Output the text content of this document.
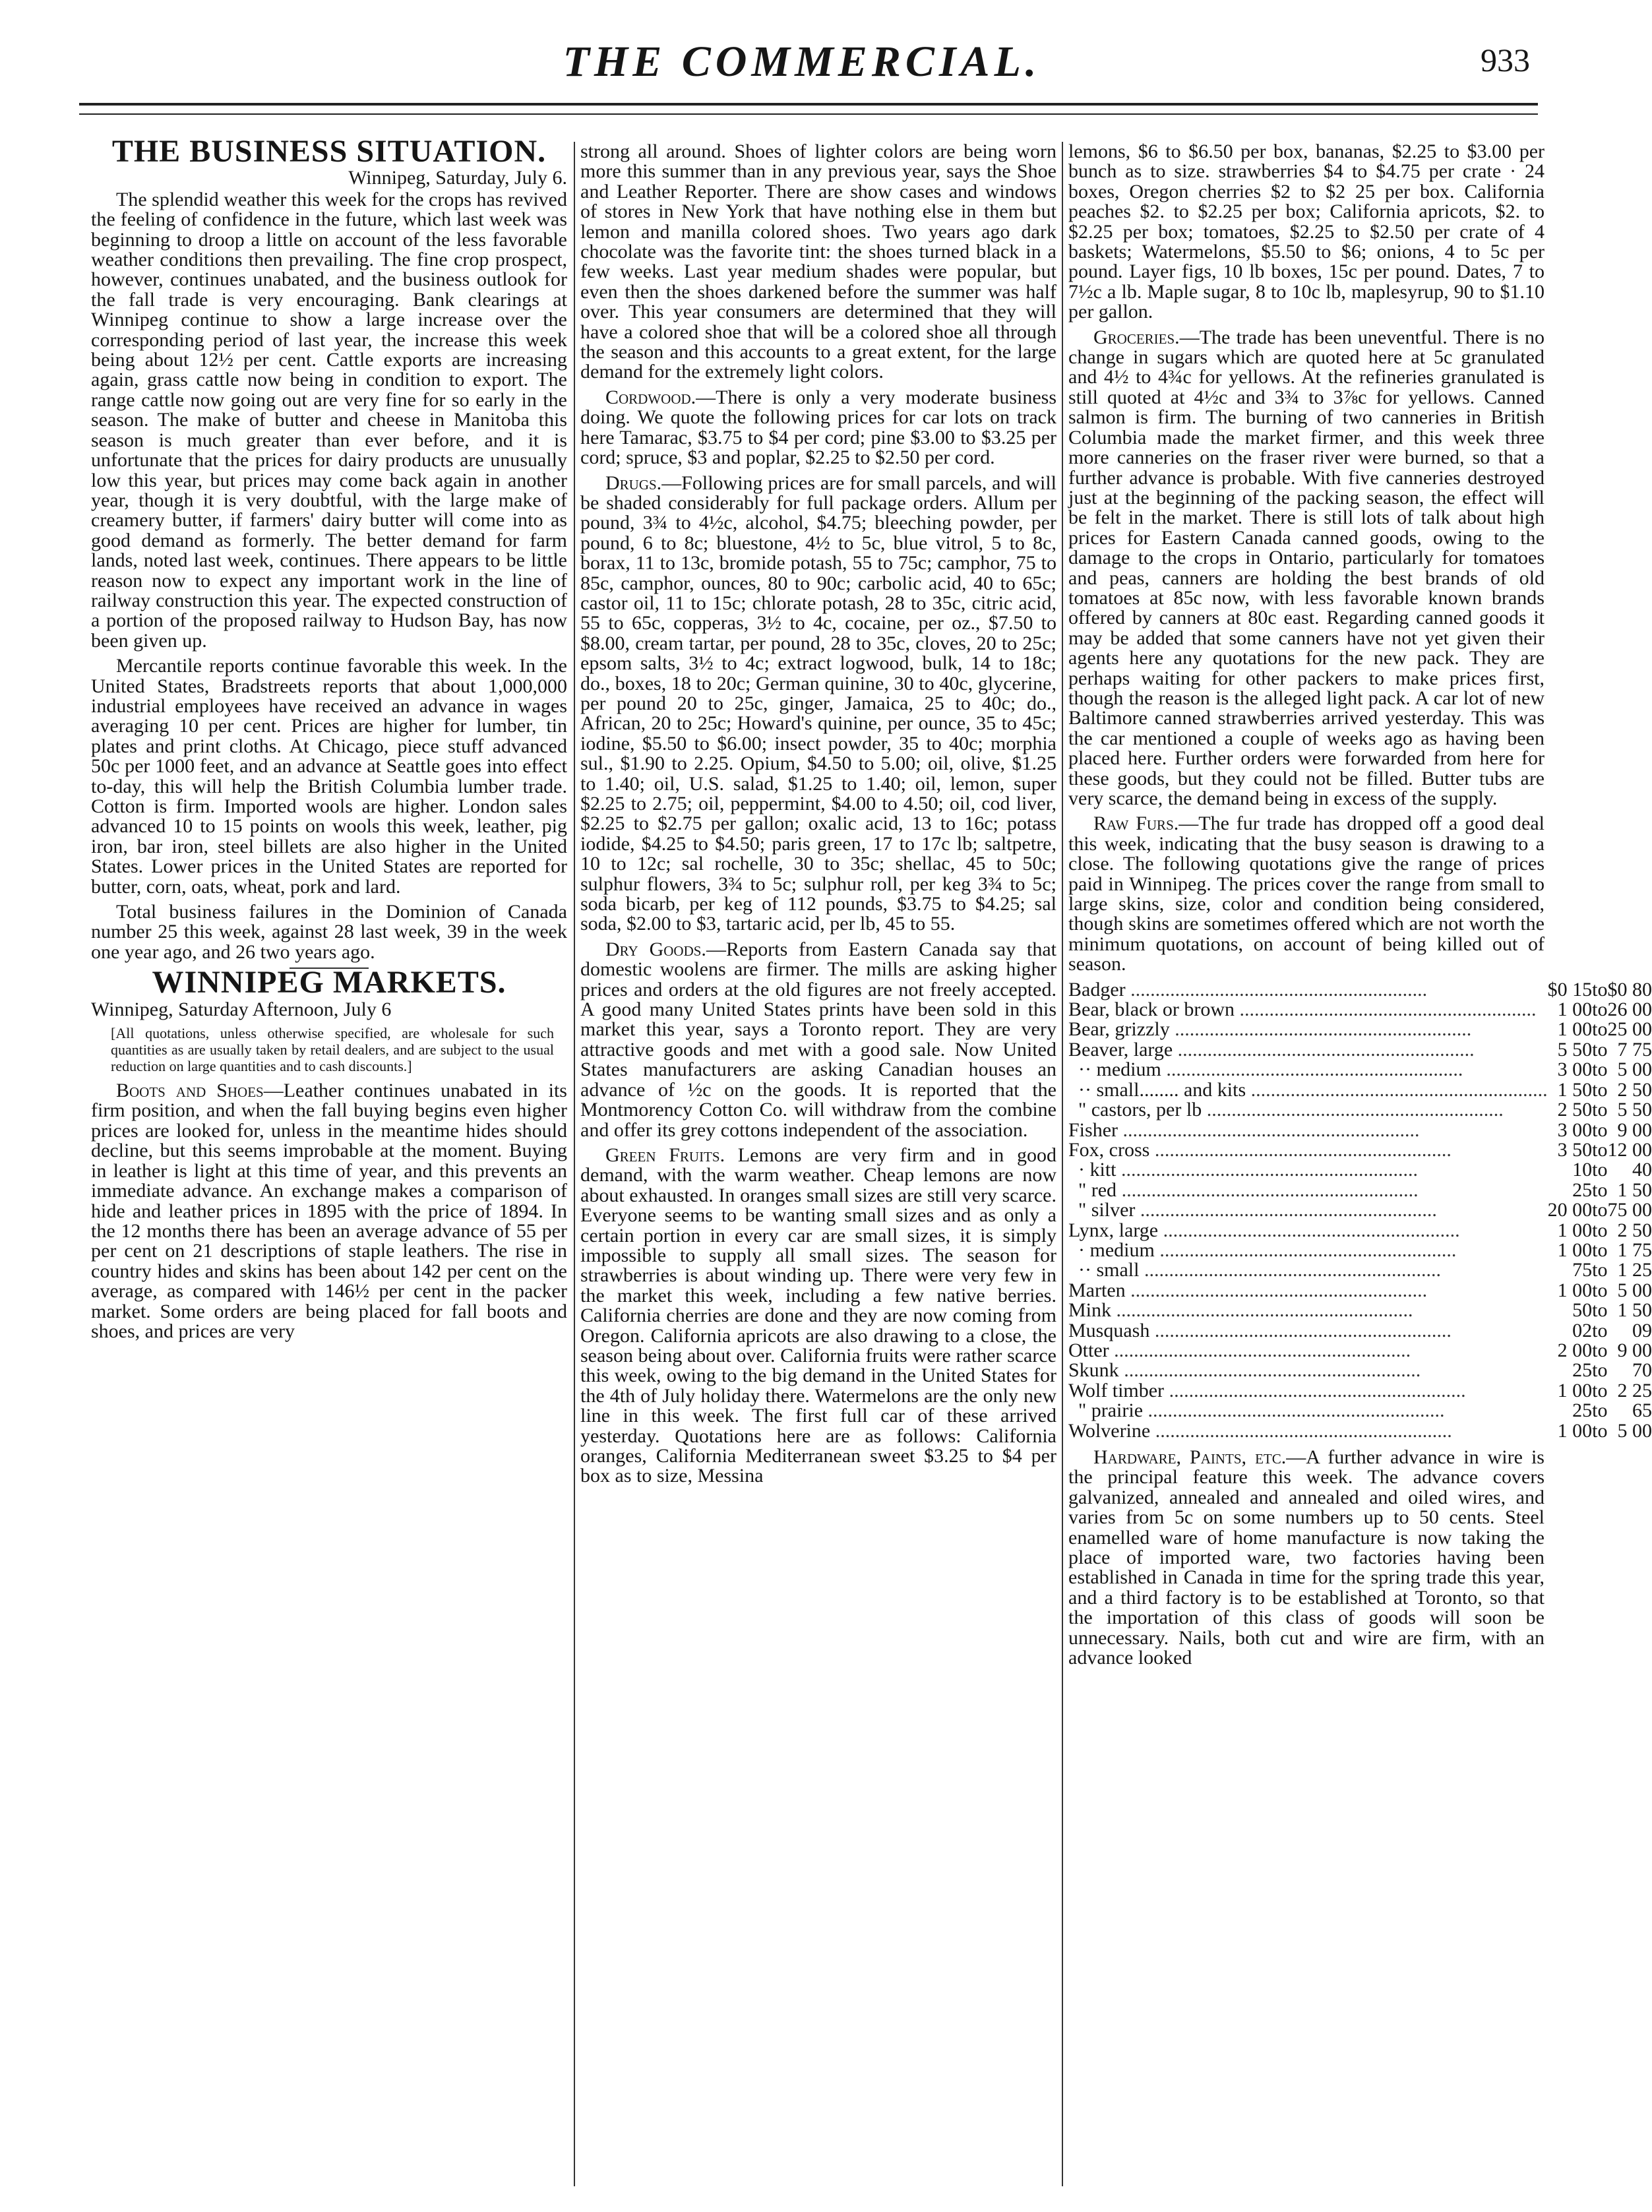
THE COMMERCIAL.	933
THE BUSINESS SITUATION.
Winnipeg, Saturday, July 6.

The splendid weather this week for the crops has revived the feeling of confidence in the future, which last week was beginning to droop a little on account of the less favorable weather conditions then prevailing. The fine crop prospect, however, continues unabated, and the business outlook for the fall trade is very encouraging. Bank clearings at Winnipeg continue to show a large increase over the corresponding period of last year, the increase this week being about 12½ per cent. Cattle exports are increasing again, grass cattle now being in condition to export. The range cattle now going out are very fine for so early in the season. The make of butter and cheese in Manitoba this season is much greater than ever before, and it is unfortunate that the prices for dairy products are unusually low this year, but prices may come back again in another year, though it is very doubtful, with the large make of creamery butter, if farmers' dairy butter will come into as good demand as formerly. The better demand for farm lands, noted last week, continues. There appears to be little reason now to expect any important work in the line of railway construction this year. The expected construction of a portion of the proposed railway to Hudson Bay, has now been given up.

Mercantile reports continue favorable this week. In the United States, Bradstreets reports that about 1,000,000 industrial employees have received an advance in wages averaging 10 per cent. Prices are higher for lumber, tin plates and print cloths. At Chicago, piece stuff advanced 50c per 1000 feet, and an advance at Seattle goes into effect to-day, this will help the British Columbia lumber trade. Cotton is firm. Imported wools are higher. London sales advanced 10 to 15 points on wools this week, leather, pig iron, bar iron, steel billets are also higher in the United States. Lower prices in the United States are reported for butter, corn, oats, wheat, pork and lard.

Total business failures in the Dominion of Canada number 25 this week, against 28 last week, 39 in the week one year ago, and 26 two years ago.

WINNIPEG MARKETS.

Winnipeg, Saturday Afternoon, July 6

[All quotations, unless otherwise specified, are wholesale for such quantities as are usually taken by retail dealers, and are subject to the usual reduction on large quantities and to cash discounts.]

Boots and Shoes—Leather continues unabated in its firm position, and when the fall buying begins even higher prices are looked for, unless in the meantime hides should decline, but this seems improbable at the moment. Buying in leather is light at this time of year, and this prevents an immediate advance. An exchange makes a comparison of hide and leather prices in 1895 with the price of 1894. In the 12 months there has been an average advance of 55 per per cent on 21 descriptions of staple leathers. The rise in country hides and skins has been about 142 per cent on the average, as compared with 146½ per cent in the packer market. Some orders are being placed for fall boots and shoes, and prices are very

strong all around. Shoes of lighter colors are being worn more this summer than in any previous year, says the Shoe and Leather Reporter. There are show cases and windows of stores in New York that have nothing else in them but lemon and manilla colored shoes. Two years ago dark chocolate was the favorite tint: the shoes turned black in a few weeks. Last year medium shades were popular, but even then the shoes darkened before the summer was half over. This year consumers are determined that they will have a colored shoe that will be a colored shoe all through the season and this accounts to a great extent, for the large demand for the extremely light colors.

Cordwood.—There is only a very moderate business doing. We quote the following prices for car lots on track here Tamarac, $3.75 to $4 per cord; pine $3.00 to $3.25 per cord; spruce, $3 and poplar, $2.25 to $2.50 per cord.

Drugs.—Following prices are for small parcels, and will be shaded considerably for full package orders. Allum per pound, 3¾ to 4½c, alcohol, $4.75; bleeching powder, per pound, 6 to 8c; bluestone, 4½ to 5c, blue vitrol, 5 to 8c, borax, 11 to 13c, bromide potash, 55 to 75c; camphor, 75 to 85c, camphor, ounces, 80 to 90c; carbolic acid, 40 to 65c; castor oil, 11 to 15c; chlorate potash, 28 to 35c, citric acid, 55 to 65c, copperas, 3½ to 4c, cocaine, per oz., $7.50 to $8.00, cream tartar, per pound, 28 to 35c, cloves, 20 to 25c; epsom salts, 3½ to 4c; extract logwood, bulk, 14 to 18c; do., boxes, 18 to 20c; German quinine, 30 to 40c, glycerine, per pound 20 to 25c, ginger, Jamaica, 25 to 40c; do., African, 20 to 25c; Howard's quinine, per ounce, 35 to 45c; iodine, $5.50 to $6.00; insect powder, 35 to 40c; morphia sul., $1.90 to 2.25. Opium, $4.50 to 5.00; oil, olive, $1.25 to 1.40; oil, U.S. salad, $1.25 to 1.40; oil, lemon, super $2.25 to 2.75; oil, peppermint, $4.00 to 4.50; oil, cod liver, $2.25 to $2.75 per gallon; oxalic acid, 13 to 16c; potass iodide, $4.25 to $4.50; paris green, 17 to 17c lb; saltpetre, 10 to 12c; sal rochelle, 30 to 35c; shellac, 45 to 50c; sulphur flowers, 3¾ to 5c; sulphur roll, per keg 3¾ to 5c; soda bicarb, per keg of 112 pounds, $3.75 to $4.25; sal soda, $2.00 to $3, tartaric acid, per lb, 45 to 55.

Dry Goods.—Reports from Eastern Canada say that domestic woolens are firmer. The mills are asking higher prices and orders at the old figures are not freely accepted. A good many United States prints have been sold in this market this year, says a Toronto report. They are very attractive goods and met with a good sale. Now United States manufacturers are asking Canadian houses an advance of ½c on the goods. It is reported that the Montmorency Cotton Co. will withdraw from the combine and offer its grey cottons independent of the association.

Green Fruits. Lemons are very firm and in good demand, with the warm weather. Cheap lemons are now about exhausted. In oranges small sizes are still very scarce. Everyone seems to be wanting small sizes and as only a certain portion in every car are small sizes, it is simply impossible to supply all small sizes. The season for strawberries is about winding up. There were very few in the market this week, including a few native berries. California cherries are done and they are now coming from Oregon. California apricots are also drawing to a close, the season being about over. California fruits were rather scarce this week, owing to the big demand in the United States for the 4th of July holiday there. Watermelons are the only new line in this week. The first full car of these arrived yesterday. Quotations here are as follows: California oranges, California Mediterranean sweet $3.25 to $4 per box as to size, Messina

lemons, $6 to $6.50 per box, bananas, $2.25 to $3.00 per bunch as to size. strawberries $4 to $4.75 per crate · 24 boxes, Oregon cherries $2 to $2 25 per box. California peaches $2. to $2.25 per box; California apricots, $2. to $2.25 per box; tomatoes, $2.25 to $2.50 per crate of 4 baskets; Watermelons, $5.50 to $6; onions, 4 to 5c per pound. Layer figs, 10 lb boxes, 15c per pound. Dates, 7 to 7½c a lb. Maple sugar, 8 to 10c lb, maplesyrup, 90 to $1.10 per gallon.

Groceries.—The trade has been uneventful. There is no change in sugars which are quoted here at 5c granulated and 4½ to 4¾c for yellows. At the refineries granulated is still quoted at 4½c and 3¾ to 3⅞c for yellows. Canned salmon is firm. The burning of two canneries in British Columbia made the market firmer, and this week three more canneries on the fraser river were burned, so that a further advance is probable. With five canneries destroyed just at the beginning of the packing season, the effect will be felt in the market. There is still lots of talk about high prices for Eastern Canada canned goods, owing to the damage to the crops in Ontario, particularly for tomatoes and peas, canners are holding the best brands of old tomatoes at 85c now, with less favorable known brands offered by canners at 80c east. Regarding canned goods it may be added that some canners have not yet given their agents here any quotations for the new pack. They are perhaps waiting for other packers to make prices first, though the reason is the alleged light pack. A car lot of new Baltimore canned strawberries arrived yesterday. This was the car mentioned a couple of weeks ago as having been placed here. Further orders were forwarded from here for these goods, but they could not be filled. Butter tubs are very scarce, the demand being in excess of the supply.

Raw Furs.—The fur trade has dropped off a good deal this week, indicating that the busy season is drawing to a close. The following quotations give the range of prices paid in Winnipeg. The prices cover the range from small to large skins, size, color and condition being considered, though skins are sometimes offered which are not worth the minimum quotations, on account of being killed out of season.

Badger ............................................................	$0 15	to	$0 80
Bear, black or brown ............................................................	1 00	to	26 00
Bear, grizzly ............................................................	1 00	to	25 00
Beaver, large ............................................................	5 50	to	7 75
·· medium ............................................................	3 00	to	5 00
·· small........ and kits ............................................................	1 50	to	2 50
" castors, per lb ............................................................	2 50	to	5 50
Fisher ............................................................	3 00	to	9 00
Fox, cross ............................................................	3 50	to	12 00
· kitt ............................................................	10	to	40
" red ............................................................	25	to	1 50
" silver ............................................................	20 00	to	75 00
Lynx, large ............................................................	1 00	to	2 50
· medium ............................................................	1 00	to	1 75
·· small ............................................................	75	to	1 25
Marten ............................................................	1 00	to	5 00
Mink ............................................................	50	to	1 50
Musquash ............................................................	02	to	09
Otter ............................................................	2 00	to	9 00
Skunk ............................................................	25	to	70
Wolf timber ............................................................	1 00	to	2 25
" prairie ............................................................	25	to	65
Wolverine ............................................................	1 00	to	5 00

Hardware, Paints, etc.—A further advance in wire is the principal feature this week. The advance covers galvanized, annealed and annealed and oiled wires, and varies from 5c on some numbers up to 50 cents. Steel enamelled ware of home manufacture is now taking the place of imported ware, two factories having been established in Canada in time for the spring trade this year, and a third factory is to be established at Toronto, so that the importation of this class of goods will soon be unnecessary. Nails, both cut and wire are firm, with an advance looked
